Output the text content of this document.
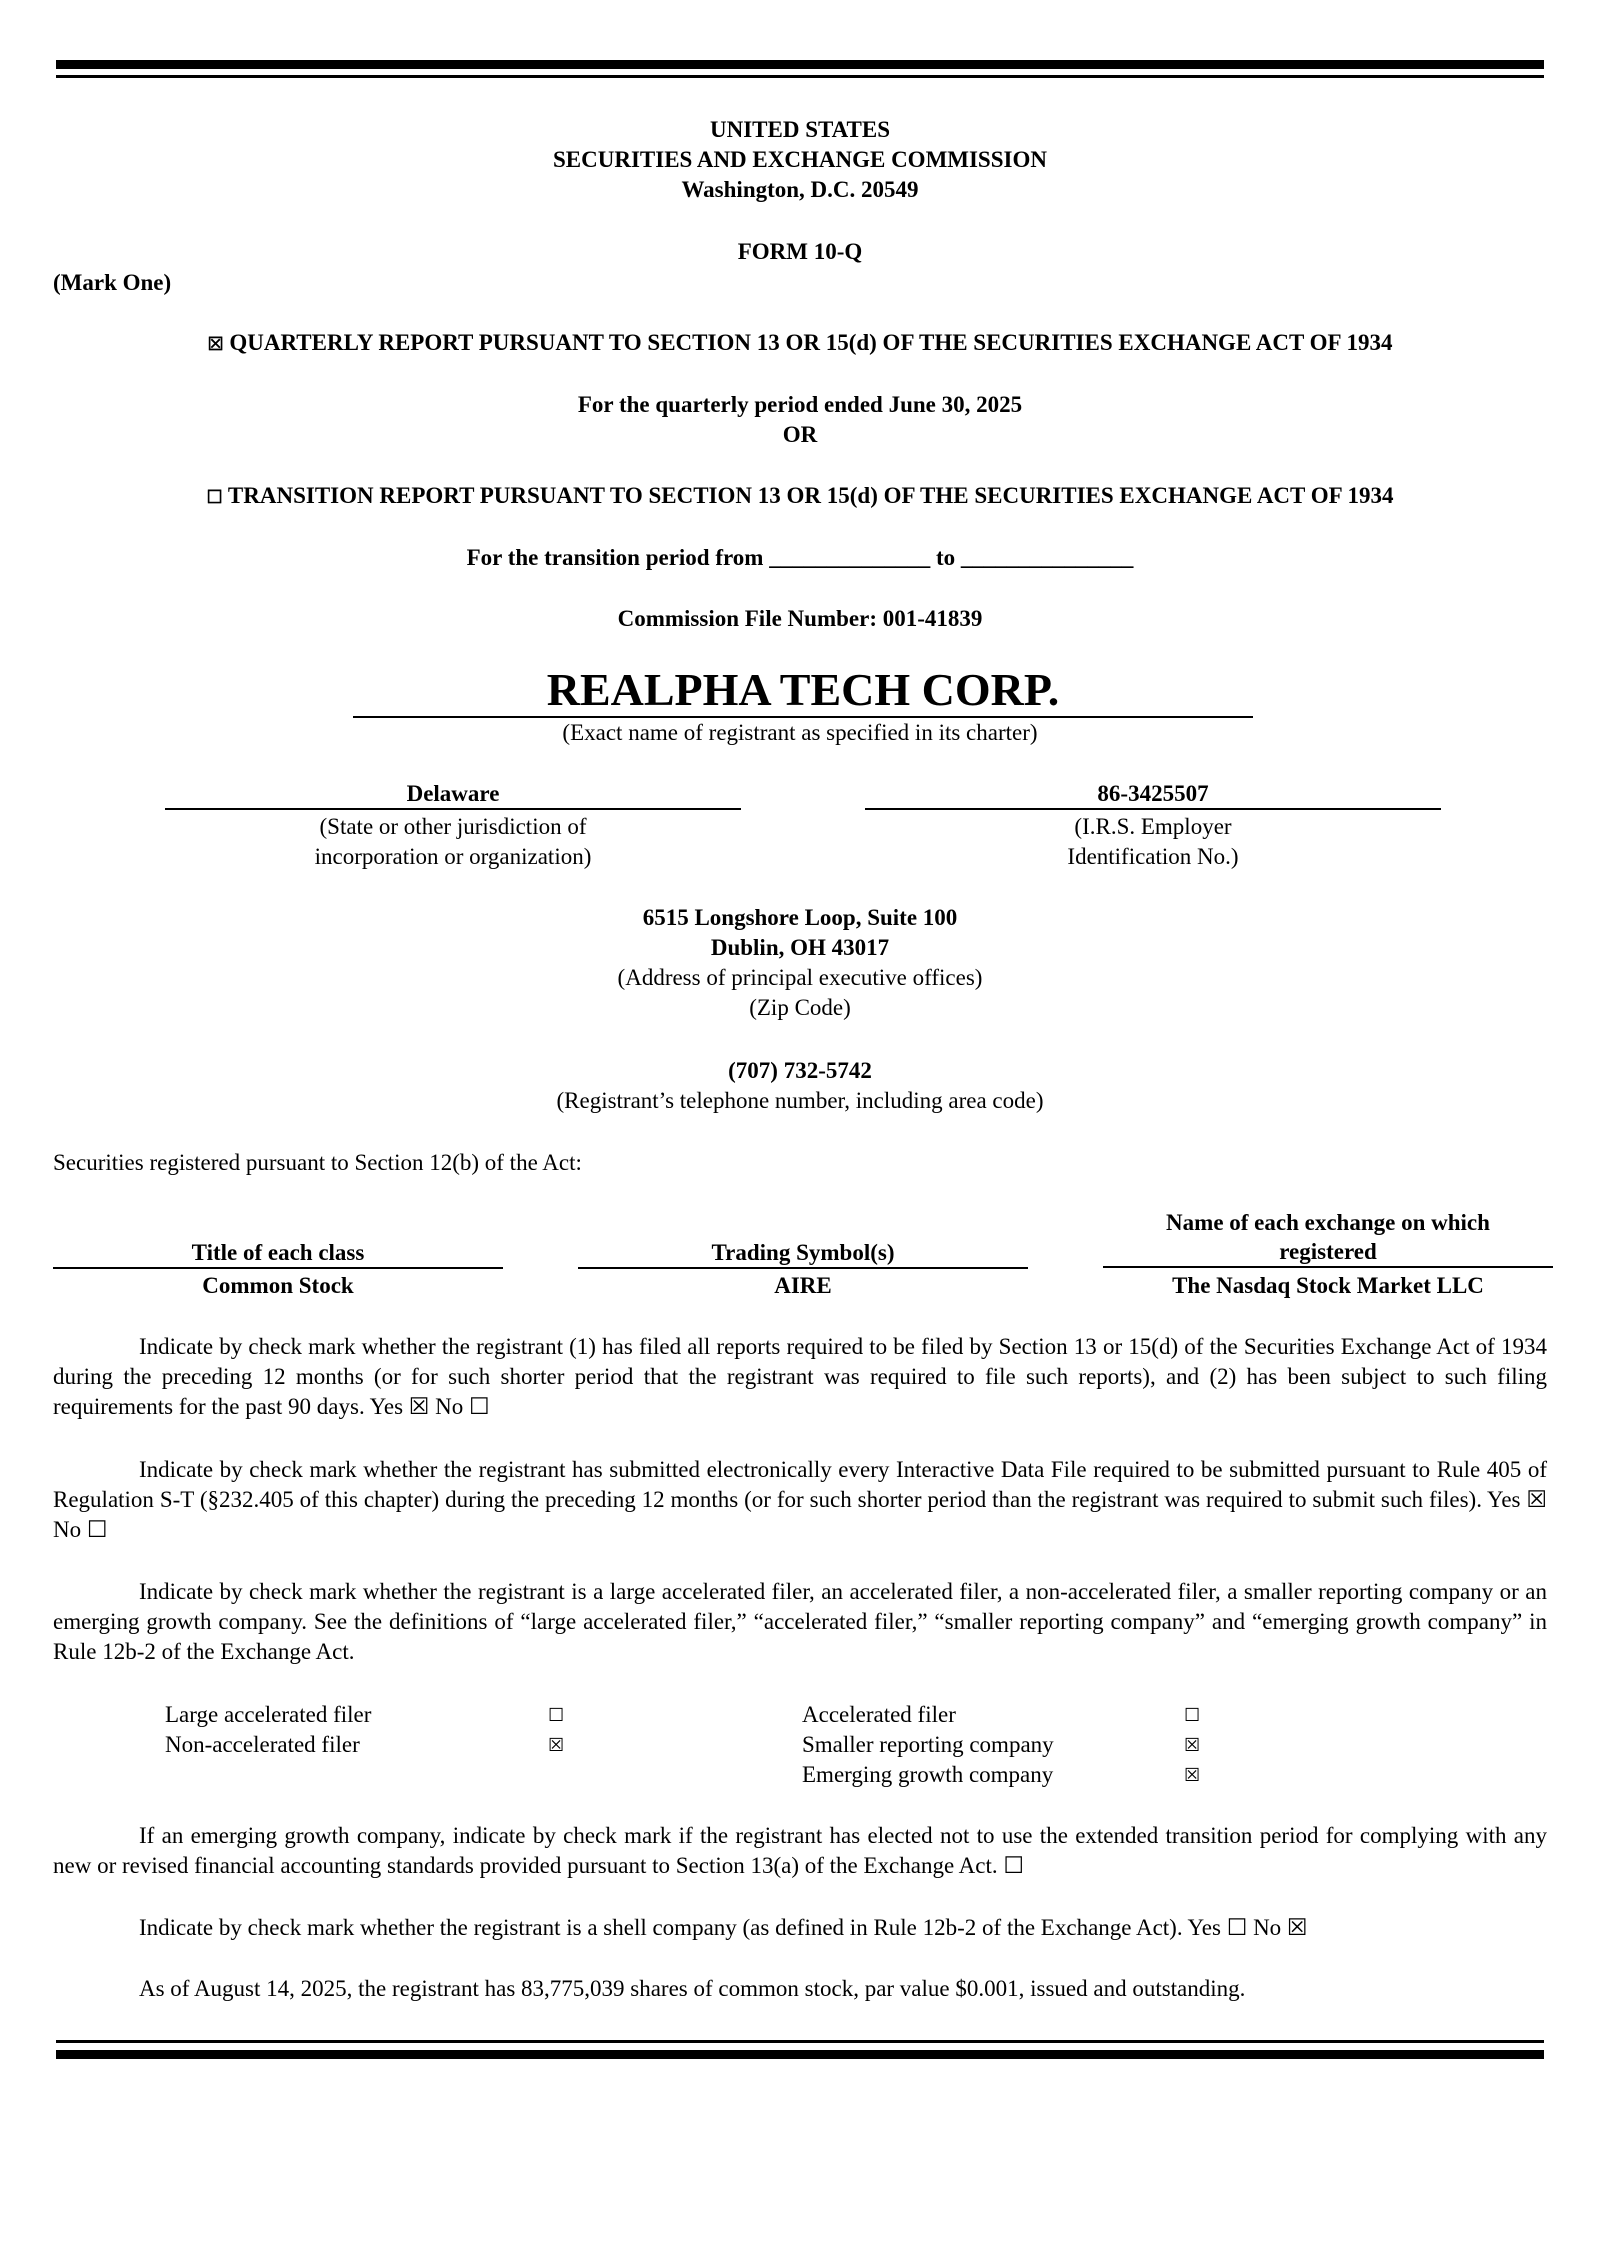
UNITED STATES
SECURITIES AND EXCHANGE COMMISSION
Washington, D.C. 20549
FORM 10-Q
(Mark One)
☒ QUARTERLY REPORT PURSUANT TO SECTION 13 OR 15(d) OF THE SECURITIES EXCHANGE ACT OF 1934
For the quarterly period ended June 30, 2025
OR
☐ TRANSITION REPORT PURSUANT TO SECTION 13 OR 15(d) OF THE SECURITIES EXCHANGE ACT OF 1934
For the transition period from ______________ to _______________
Commission File Number: 001-41839
REALPHA TECH CORP.
(Exact name of registrant as specified in its charter)
Delaware
(State or other jurisdiction of
incorporation or organization)
86-3425507
(I.R.S. Employer
Identification No.)
6515 Longshore Loop, Suite 100
Dublin, OH 43017
(Address of principal executive offices)
(Zip Code)
(707) 732-5742
(Registrant’s telephone number, including area code)
Securities registered pursuant to Section 12(b) of the Act:
Title of each class	Trading Symbol(s)
Name of each exchange on which
registered
Common Stock	AIRE	The Nasdaq Stock Market LLC
Indicate by check mark whether the registrant (1) has filed all reports required to be filed by Section 13 or 15(d) of the Securities Exchange Act of 1934 during the preceding 12 months (or for such shorter period that the registrant was required to file such reports), and (2) has been subject to such filing requirements for the past 90 days. Yes ☒ No ☐
Indicate by check mark whether the registrant has submitted electronically every Interactive Data File required to be submitted pursuant to Rule 405 of Regulation S-T (§232.405 of this chapter) during the preceding 12 months (or for such shorter period than the registrant was required to submit such files). Yes ☒ No ☐
Indicate by check mark whether the registrant is a large accelerated filer, an accelerated filer, a non-accelerated filer, a smaller reporting company or an emerging growth company. See the definitions of “large accelerated filer,” “accelerated filer,” “smaller reporting company” and “emerging growth company” in Rule 12b-2 of the Exchange Act.
Large accelerated filer	☐	Accelerated filer	☐
Non-accelerated filer	☒	Smaller reporting company	☒
Emerging growth company	☒
If an emerging growth company, indicate by check mark if the registrant has elected not to use the extended transition period for complying with any new or revised financial accounting standards provided pursuant to Section 13(a) of the Exchange Act. ☐
Indicate by check mark whether the registrant is a shell company (as defined in Rule 12b-2 of the Exchange Act). Yes ☐ No ☒
As of August 14, 2025, the registrant has 83,775,039 shares of common stock, par value $0.001, issued and outstanding.
